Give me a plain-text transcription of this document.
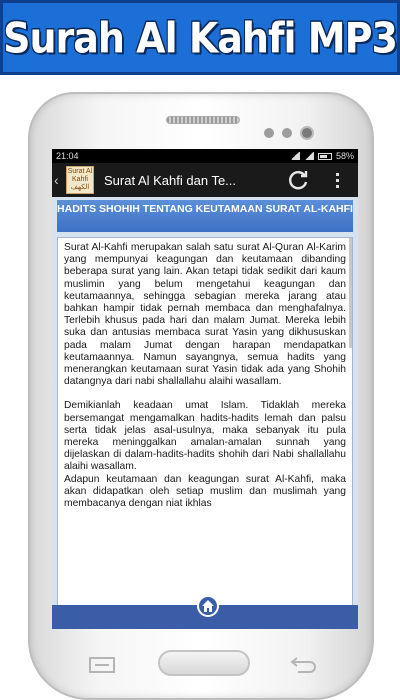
Surah Al Kahfi MP3
21:04	58%
‹
Surat Al Kahfi الكهف Surat Al Kahfi dan Te...
HADITS SHOHIH TENTANG KEUTAMAAN SURAT AL-KAHFI

Surat Al-Kahfi merupakan salah satu surat Al-Quran Al-Karim yang mempunyai keagungan dan keutamaan dibanding beberapa surat yang lain. Akan tetapi tidak sedikit dari kaum muslimin yang belum mengetahui keagungan dan keutamaannya, sehingga sebagian mereka jarang atau bahkan hampir tidak pernah membaca dan menghafalnya. Terlebih khusus pada hari dan malam Jumat. Mereka lebih suka dan antusias membaca surat Yasin yang dikhususkan pada malam Jumat dengan harapan mendapatkan keutamaannya. Namun sayangnya, semua hadits yang menerangkan keutamaan surat Yasin tidak ada yang Shohih datangnya dari nabi shallallahu alaihi wasallam.

Demikianlah keadaan umat Islam. Tidaklah mereka bersemangat mengamalkan hadits-hadits lemah dan palsu serta tidak jelas asal-usulnya, maka sebanyak itu pula mereka meninggalkan amalan-amalan sunnah yang dijelaskan di dalam-hadits-hadits shohih dari Nabi shallallahu alaihi wasallam.

Adapun keutamaan dan keagungan surat Al-Kahfi, maka akan didapatkan oleh setiap muslim dan muslimah yang membacanya dengan niat ikhlas
